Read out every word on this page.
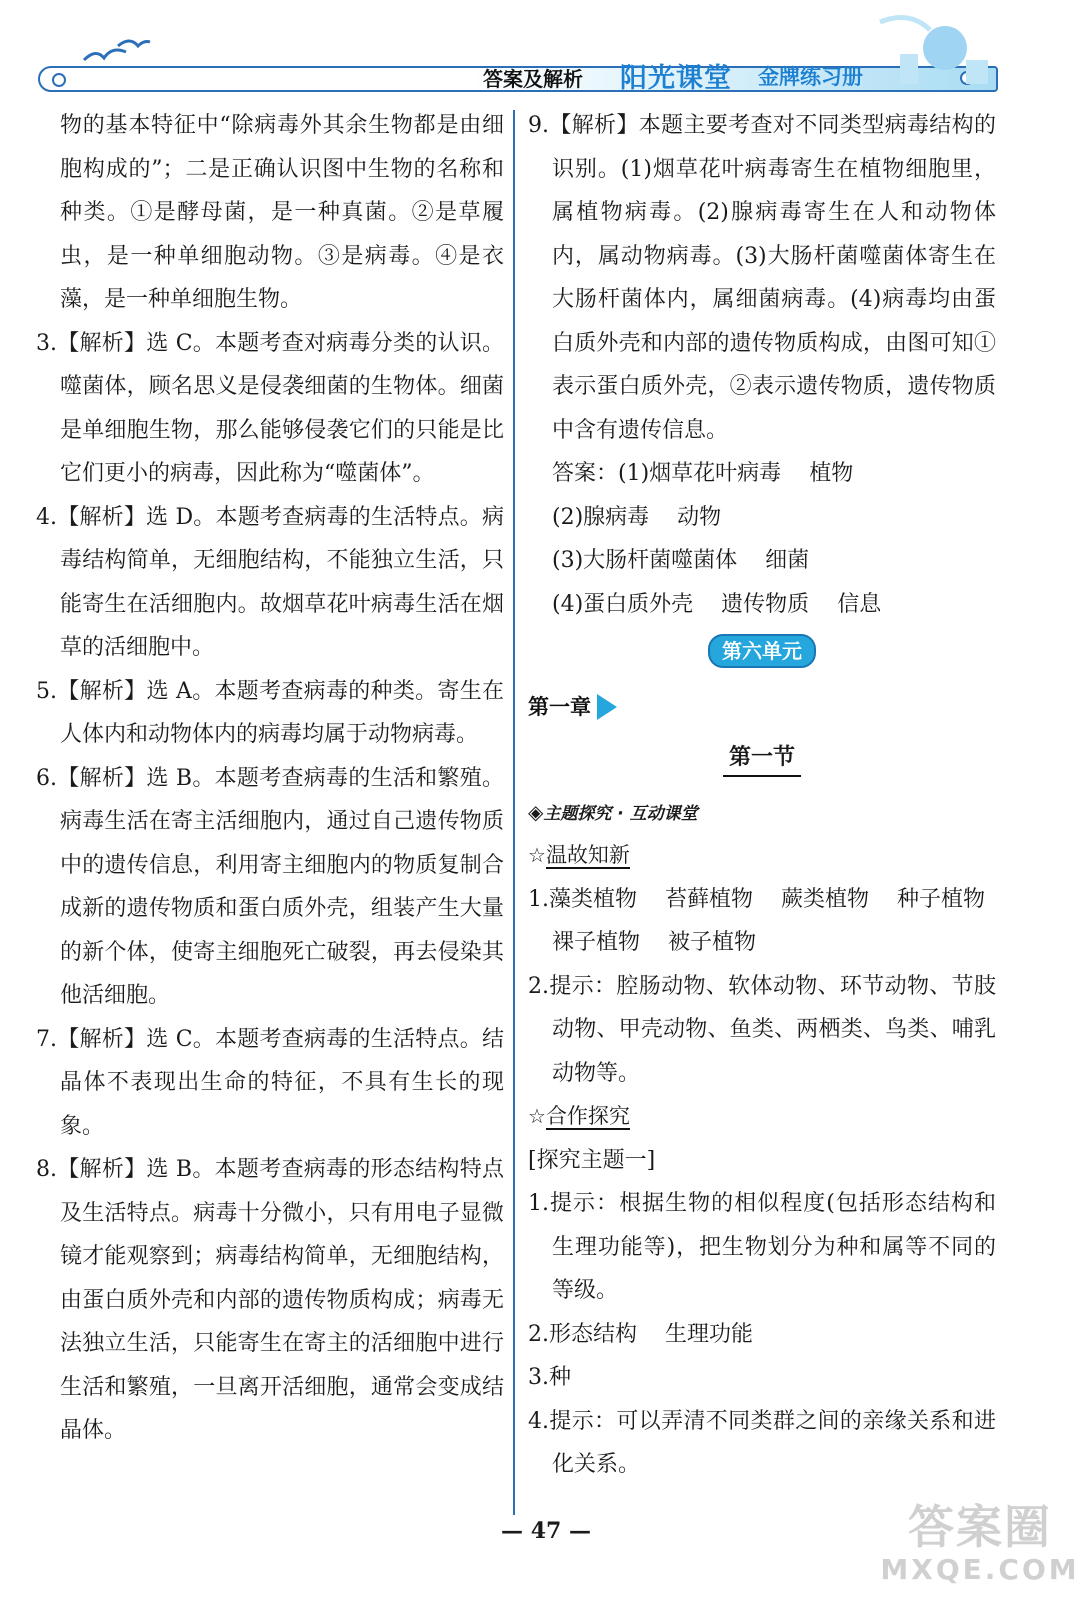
答案及解析 阳光课堂 金牌练习册

物的基本特征中“除病毒外其余生物都是由细胞构成的”；二是正确认识图中生物的名称和种类。①是酵母菌，是一种真菌。②是草履虫，是一种单细胞动物。③是病毒。④是衣藻，是一种单细胞生物。

3.【解析】选 C。本题考查对病毒分类的认识。噬菌体，顾名思义是侵袭细菌的生物体。细菌是单细胞生物，那么能够侵袭它们的只能是比它们更小的病毒，因此称为“噬菌体”。

4.【解析】选 D。本题考查病毒的生活特点。病毒结构简单，无细胞结构，不能独立生活，只能寄生在活细胞内。故烟草花叶病毒生活在烟草的活细胞中。

5.【解析】选 A。本题考查病毒的种类。寄生在人体内和动物体内的病毒均属于动物病毒。

6.【解析】选 B。本题考查病毒的生活和繁殖。病毒生活在寄主活细胞内，通过自己遗传物质中的遗传信息，利用寄主细胞内的物质复制合成新的遗传物质和蛋白质外壳，组装产生大量的新个体，使寄主细胞死亡破裂，再去侵染其他活细胞。

7.【解析】选 C。本题考查病毒的生活特点。结晶体不表现出生命的特征，不具有生长的现象。

8.【解析】选 B。本题考查病毒的形态结构特点及生活特点。病毒十分微小，只有用电子显微镜才能观察到；病毒结构简单，无细胞结构，由蛋白质外壳和内部的遗传物质构成；病毒无法独立生活，只能寄生在寄主的活细胞中进行生活和繁殖，一旦离开活细胞，通常会变成结晶体。

9.【解析】本题主要考查对不同类型病毒结构的识别。(1)烟草花叶病毒寄生在植物细胞里，属植物病毒。(2)腺病毒寄生在人和动物体内，属动物病毒。(3)大肠杆菌噬菌体寄生在大肠杆菌体内，属细菌病毒。(4)病毒均由蛋白质外壳和内部的遗传物质构成，由图可知①表示蛋白质外壳，②表示遗传物质，遗传物质中含有遗传信息。

答案：(1)烟草花叶病毒 植物

(2)腺病毒 动物

(3)大肠杆菌噬菌体 细菌

(4)蛋白质外壳 遗传物质 信息

第六单元
第一章
第一节
◈主题探究 · 互动课堂
☆温故知新

1.藻类植物 苔藓植物 蕨类植物 种子植物
裸子植物 被子植物

2.提示：腔肠动物、软体动物、环节动物、节肢动物、甲壳动物、鱼类、两栖类、鸟类、哺乳动物等。

☆合作探究

[探究主题一]

1.提示：根据生物的相似程度(包括形态结构和生理功能等)，把生物划分为种和属等不同的等级。

2.形态结构 生理功能

3.种

4.提示：可以弄清不同类群之间的亲缘关系和进化关系。

— 47 —	答案圈
MXQE.COM
